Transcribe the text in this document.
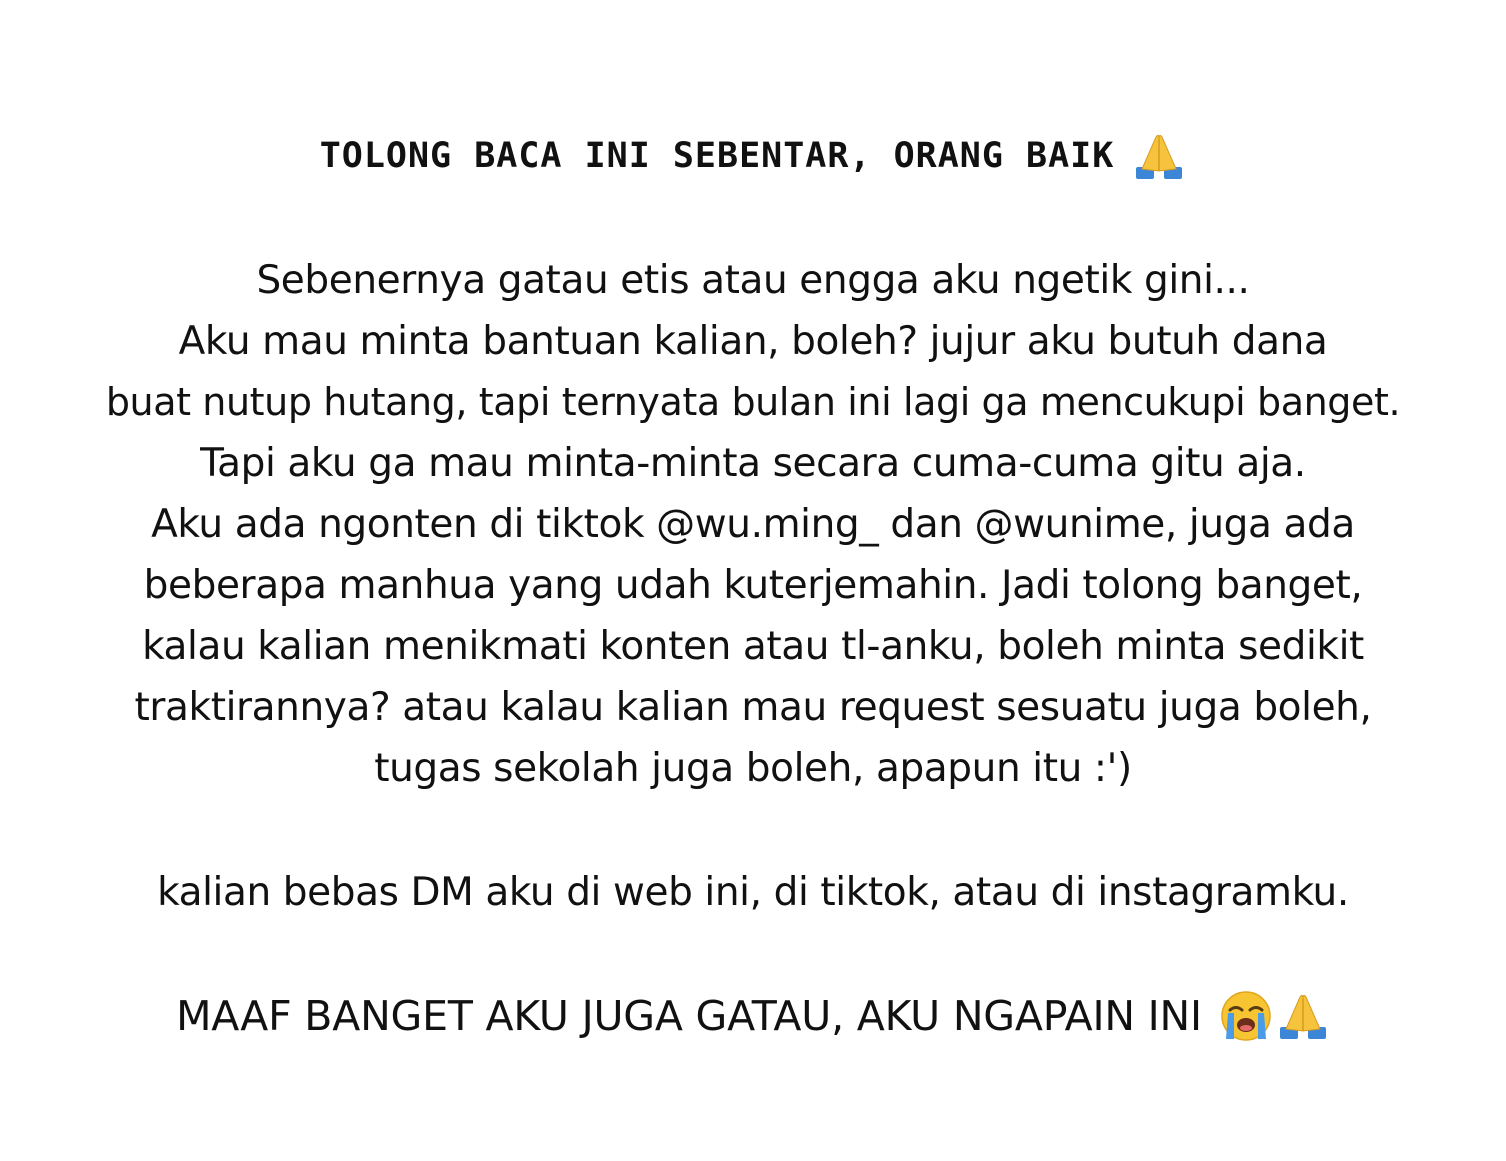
TOLONG BACA INI SEBENTAR, ORANG BAIK
Sebenernya gatau etis atau engga aku ngetik gini...
Aku mau minta bantuan kalian, boleh? jujur aku butuh dana
buat nutup hutang, tapi ternyata bulan ini lagi ga mencukupi banget.
Tapi aku ga mau minta-minta secara cuma-cuma gitu aja.
Aku ada ngonten di tiktok @wu.ming_ dan @wunime, juga ada
beberapa manhua yang udah kuterjemahin. Jadi tolong banget,
kalau kalian menikmati konten atau tl-anku, boleh minta sedikit
traktirannya? atau kalau kalian mau request sesuatu juga boleh,
tugas sekolah juga boleh, apapun itu :')
kalian bebas DM aku di web ini, di tiktok, atau di instagramku.
MAAF BANGET AKU JUGA GATAU, AKU NGAPAIN INI
